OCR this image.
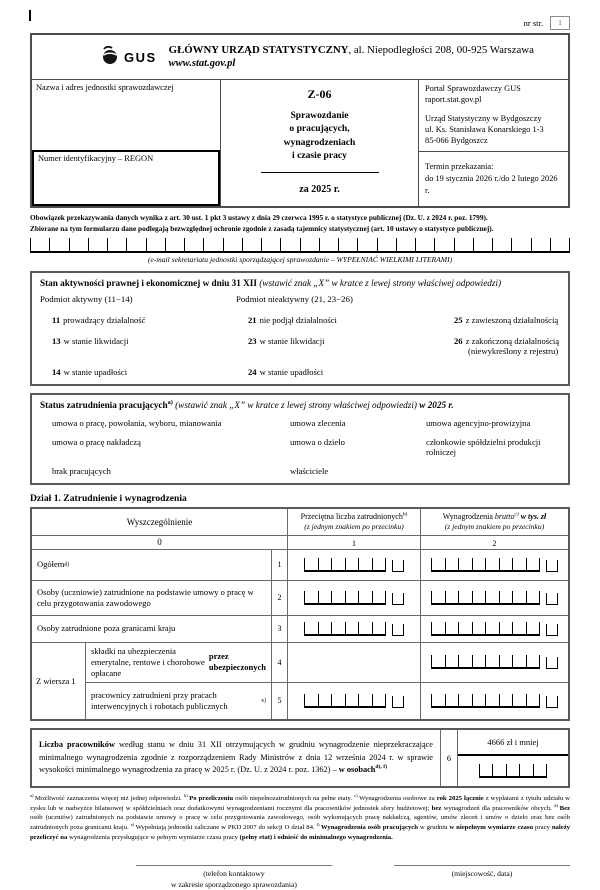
nr str.	1
GUS GŁÓWNY URZĄD STATYSTYCZNY, al. Niepodległości 208, 00-925 Warszawa
www.stat.gov.pl
Nazwa i adres jednostki sprawozdawczej
Numer identyfikacyjny – REGON
Z-06
Sprawozdanie
o pracujących,
wynagrodzeniach
i czasie pracy
za 2025 r.
Portal Sprawozdawczy GUS
raport.stat.gov.pl
Urząd Statystyczny w Bydgoszczy
ul. Ks. Stanisława Konarskiego 1-3
85-066 Bydgoszcz
Termin przekazania:
do 19 stycznia 2026 r./do 2 lutego 2026 r.
Obowiązek przekazywania danych wynika z art. 30 ust. 1 pkt 3 ustawy z dnia 29 czerwca 1995 r. o statystyce publicznej (Dz. U. z 2024 r. poz. 1799).
Zbierane na tym formularzu dane podlegają bezwzględnej ochronie zgodnie z zasadą tajemnicy statystycznej (art. 10 ustawy o statystyce publicznej).
(e-mail sekretariatu jednostki sporządzającej sprawozdanie – WYPEŁNIAĆ WIELKIMI LITERAMI)
Stan aktywności prawnej i ekonomicznej w dniu 31 XII (wstawić znak „X” w kratce z lewej strony właściwej odpowiedzi)
Podmiot aktywny (11−14)	Podmiot nieaktywny (21, 23−26)
11 prowadzący działalność	21 nie podjął działalności	25 z zawieszoną działalnością
13 w stanie likwidacji	23 w stanie likwidacji	26 z zakończoną działalnością
(niewykreślony z rejestru)
14 w stanie upadłości	24 w stanie upadłości
Status zatrudnienia pracujących$^{a)}$ (wstawić znak „X” w kratce z lewej strony właściwej odpowiedzi) w 2025 r.
umowa o pracę, powołania, wyboru, mianowania	umowa zlecenia	umowa agencyjno-prowizyjna
umowa o pracę nakładczą	umowa o dzieło	członkowie spółdzielni produkcji rolniczej
brak pracujących	właściciele
Dział 1. Zatrudnienie i wynagrodzenia
Wyszczególnienie
Przeciętna liczba zatrudnionych$^{b)}$
(z jednym znakiem po przecinku)
Wynagrodzenia brutto$^{c)}$ w tys. zł
(z jednym znakiem po przecinku)
0	1	2
Ogółem d)	1
Osoby (uczniowie) zatrudnione na podstawie umowy o pracę w celu przygotowania zawodowego	2
Osoby zatrudnione poza granicami kraju	3
Z wiersza 1
składki na ubezpieczenia emerytalne, rentowe i chorobowe opłacane
przez ubezpieczonych	4
pracownicy zatrudnieni przy pracach interwencyjnych i robotach publicznych	e)	5
Liczba pracowników według stanu w dniu 31 XII otrzymujących w grudniu wynagrodzenie nieprzekraczające minimalnego wynagrodzenia zgodnie z rozporządzeniem Rady Ministrów z dnia 12 września 2024 r. w sprawie wysokości minimalnego wynagrodzenia za pracę w 2025 r. (Dz. U. z 2024 r. poz. 1362) – w osobach$^{d), f)}$
6
4666 zł i mniej
$^{a)}$ Możliwość zaznaczenia więcej niż jednej odpowiedzi. $^{b)}$ Po przeliczeniu osób niepełnozatrudnionych na pełne etaty. $^{c)}$ Wynagrodzenia osobowe za rok 2025 łącznie z wypłatami z tytułu udziału w zysku lub w nadwyżce bilansowej w spółdzielniach oraz dodatkowymi wynagrodzeniami rocznymi dla pracowników jednostek sfery budżetowej; bez wynagrodzeń dla pracowników obcych. $^{d)}$ Bez osób (uczniów) zatrudnionych na podstawie umowy o pracę w celu przygotowania zawodowego, osób wykonujących pracę nakładczą, agentów, umów zleceń i umów o dzieło oraz bez osób zatrudnionych poza granicami kraju. $^{e)}$ Wypełniają jednostki zaliczane w PKD 2007 do sekcji O dział 84. $^{f)}$ Wynagrodzenia osób pracujących w grudniu w niepełnym wymiarze czasu pracy należy przeliczyć na wynagrodzenia przysługujące w pełnym wymiarze czasu pracy (pełny etat) i odnieść do minimalnego wynagrodzenia.
(telefon kontaktowy
w zakresie sporządzonego sprawozdania)
(miejscowość, data)
